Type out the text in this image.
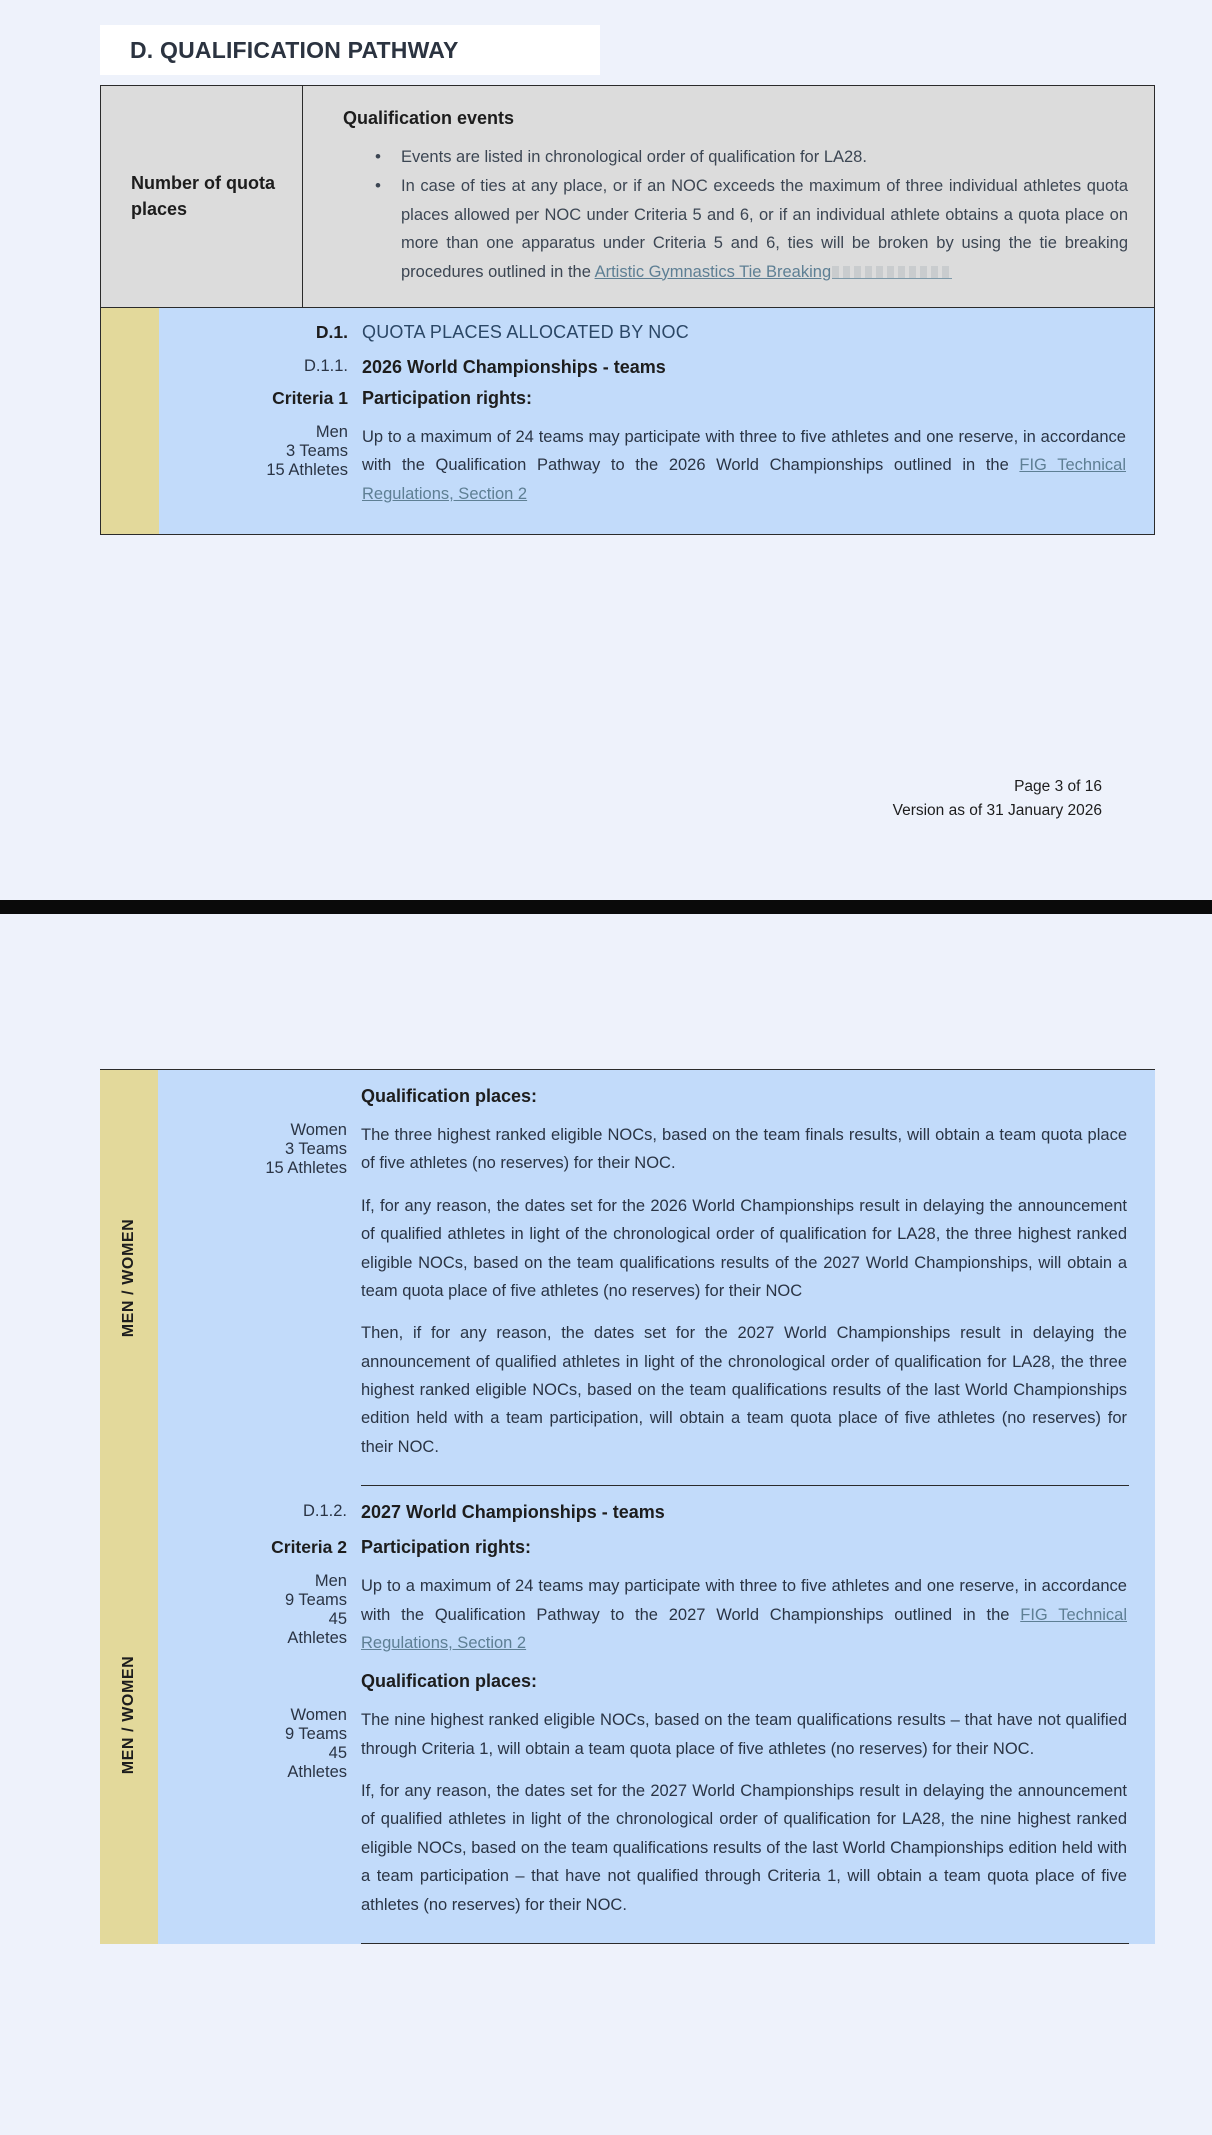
D. QUALIFICATION PATHWAY
Number of quota places

Qualification events

• Events are listed in chronological order of qualification for LA28.
• In case of ties at any place, or if an NOC exceeds the maximum of three individual athletes quota places allowed per NOC under Criteria 5 and 6, or if an individual athlete obtains a quota place on more than one apparatus under Criteria 5 and 6, ties will be broken by using the tie breaking procedures outlined in the Artistic Gymnastics Tie Breaking
D.1. QUOTA PLACES ALLOCATED BY NOC
D.1.1. 2026 World Championships - teams
Criteria 1 Participation rights:
Men
3 Teams
15 Athletes

Up to a maximum of 24 teams may participate with three to five athletes and one reserve, in accordance with the Qualification Pathway to the 2026 World Championships outlined in the FIG Technical Regulations, Section 2

Page 3 of 16
Version as of 31 January 2026
MEN / WOMEN
Qualification places:
Women
3 Teams
15 Athletes

The three highest ranked eligible NOCs, based on the team finals results, will obtain a team quota place of five athletes (no reserves) for their NOC.

If, for any reason, the dates set for the 2026 World Championships result in delaying the announcement of qualified athletes in light of the chronological order of qualification for LA28, the three highest ranked eligible NOCs, based on the team qualifications results of the 2027 World Championships, will obtain a team quota place of five athletes (no reserves) for their NOC

Then, if for any reason, the dates set for the 2027 World Championships result in delaying the announcement of qualified athletes in light of the chronological order of qualification for LA28, the three highest ranked eligible NOCs, based on the team qualifications results of the last World Championships edition held with a team participation, will obtain a team quota place of five athletes (no reserves) for their NOC.

MEN / WOMEN
D.1.2. 2027 World Championships - teams
Criteria 2 Participation rights:
Men
9 Teams
45
Athletes

Up to a maximum of 24 teams may participate with three to five athletes and one reserve, in accordance with the Qualification Pathway to the 2027 World Championships outlined in the FIG Technical Regulations, Section 2

Qualification places:
Women
9 Teams
45
Athletes

The nine highest ranked eligible NOCs, based on the team qualifications results – that have not qualified through Criteria 1, will obtain a team quota place of five athletes (no reserves) for their NOC.

If, for any reason, the dates set for the 2027 World Championships result in delaying the announcement of qualified athletes in light of the chronological order of qualification for LA28, the nine highest ranked eligible NOCs, based on the team qualifications results of the last World Championships edition held with a team participation – that have not qualified through Criteria 1, will obtain a team quota place of five athletes (no reserves) for their NOC.
